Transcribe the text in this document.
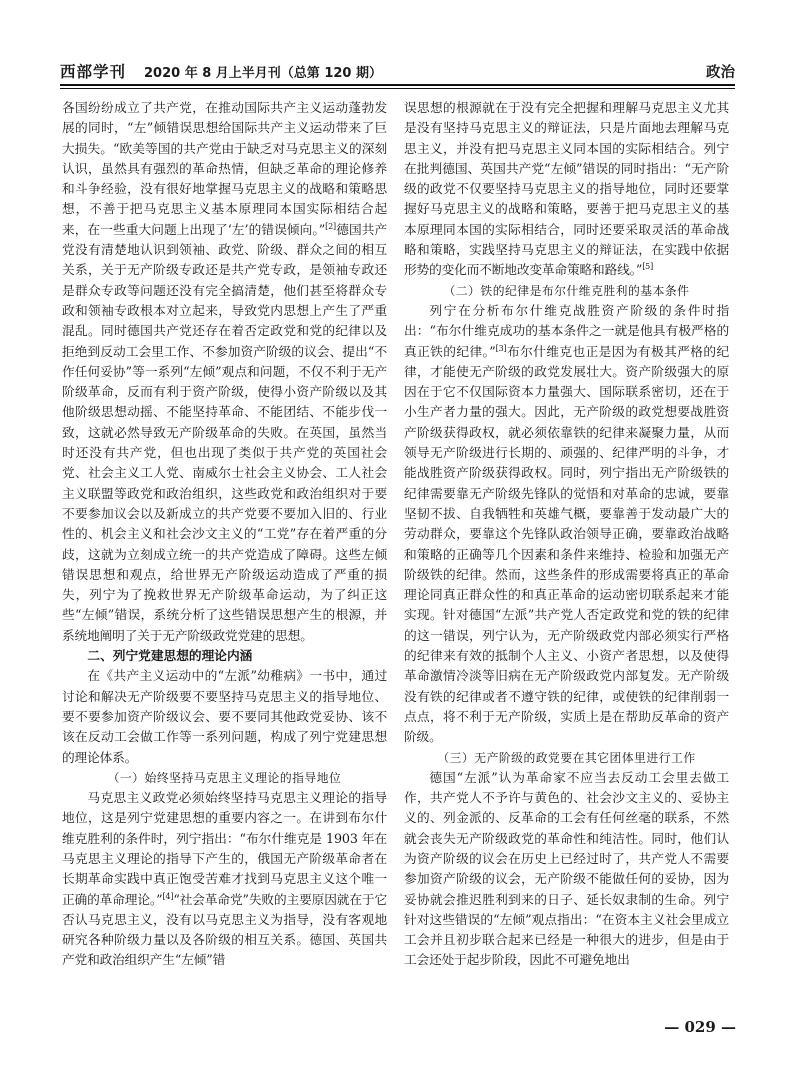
西部学刊 2020 年 8 月上半月刊（总第 120 期）	政治

各国纷纷成立了共产党，在推动国际共产主义运动蓬勃发展的同时，“左”倾错误思想给国际共产主义运动带来了巨大损失。“欧美等国的共产党由于缺乏对马克思主义的深刻认识，虽然具有强烈的革命热情，但缺乏革命的理论修养和斗争经验，没有很好地掌握马克思主义的战略和策略思想，不善于把马克思主义基本原理同本国实际相结合起来，在一些重大问题上出现了‘左’的错误倾向。”[2]德国共产党没有清楚地认识到领袖、政党、阶级、群众之间的相互关系，关于无产阶级专政还是共产党专政，是领袖专政还是群众专政等问题还没有完全搞清楚，他们甚至将群众专政和领袖专政根本对立起来，导致党内思想上产生了严重混乱。同时德国共产党还存在着否定政党和党的纪律以及拒绝到反动工会里工作、不参加资产阶级的议会、提出“不作任何妥协”等一系列“左倾”观点和问题，不仅不利于无产阶级革命，反而有利于资产阶级，使得小资产阶级以及其他阶级思想动摇、不能坚持革命、不能团结、不能步伐一致，这就必然导致无产阶级革命的失败。在英国，虽然当时还没有共产党，但也出现了类似于共产党的英国社会党、社会主义工人党、南威尔士社会主义协会、工人社会主义联盟等政党和政治组织，这些政党和政治组织对于要不要参加议会以及新成立的共产党要不要加入旧的、行业性的、机会主义和社会沙文主义的“工党”存在着严重的分歧，这就为立刻成立统一的共产党造成了障碍。这些左倾错误思想和观点，给世界无产阶级运动造成了严重的损失，列宁为了挽救世界无产阶级革命运动，为了纠正这些“左倾”错误，系统分析了这些错误思想产生的根源，并系统地阐明了关于无产阶级政党党建的思想。

二、列宁党建思想的理论内涵

在《共产主义运动中的“左派”幼稚病》一书中，通过讨论和解决无产阶级要不要坚持马克思主义的指导地位、要不要参加资产阶级议会、要不要同其他政党妥协、该不该在反动工会做工作等一系列问题，构成了列宁党建思想的理论体系。

（一）始终坚持马克思主义理论的指导地位

马克思主义政党必须始终坚持马克思主义理论的指导地位，这是列宁党建思想的重要内容之一。在讲到布尔什维克胜利的条件时，列宁指出：“布尔什维克是 1903 年在马克思主义理论的指导下产生的，俄国无产阶级革命者在长期革命实践中真正饱受苦难才找到马克思主义这个唯一正确的革命理论。”[4]“社会革命党”失败的主要原因就在于它否认马克思主义，没有以马克思主义为指导，没有客观地研究各种阶级力量以及各阶级的相互关系。德国、英国共产党和政治组织产生“左倾”错

误思想的根源就在于没有完全把握和理解马克思主义尤其是没有坚持马克思主义的辩证法，只是片面地去理解马克思主义，并没有把马克思主义同本国的实际相结合。列宁在批判德国、英国共产党“左倾”错误的同时指出：“无产阶级的政党不仅要坚持马克思主义的指导地位，同时还要掌握好马克思主义的战略和策略，要善于把马克思主义的基本原理同本国的实际相结合，同时还要采取灵活的革命战略和策略，实践坚持马克思主义的辩证法，在实践中依据形势的变化而不断地改变革命策略和路线。”[5]

（二）铁的纪律是布尔什维克胜利的基本条件

列宁在分析布尔什维克战胜资产阶级的条件时指出：“布尔什维克成功的基本条件之一就是他具有极严格的真正铁的纪律。”[3]布尔什维克也正是因为有极其严格的纪律，才能使无产阶级的政党发展壮大。资产阶级强大的原因在于它不仅国际资本力量强大、国际联系密切，还在于小生产者力量的强大。因此，无产阶级的政党想要战胜资产阶级获得政权，就必须依靠铁的纪律来凝聚力量，从而领导无产阶级进行长期的、顽强的、纪律严明的斗争，才能战胜资产阶级获得政权。同时，列宁指出无产阶级铁的纪律需要靠无产阶级先锋队的觉悟和对革命的忠诚，要靠坚韧不拔、自我牺牲和英雄气概，要靠善于发动最广大的劳动群众，要靠这个先锋队政治领导正确，要靠政治战略和策略的正确等几个因素和条件来维持、检验和加强无产阶级铁的纪律。然而，这些条件的形成需要将真正的革命理论同真正群众性的和真正革命的运动密切联系起来才能实现。针对德国“左派”共产党人否定政党和党的铁的纪律的这一错误，列宁认为，无产阶级政党内部必须实行严格的纪律来有效的抵制个人主义、小资产者思想，以及使得革命激情冷淡等旧病在无产阶级政党内部复发。无产阶级没有铁的纪律或者不遵守铁的纪律，或使铁的纪律削弱一点点，将不利于无产阶级，实质上是在帮助反革命的资产阶级。

（三）无产阶级的政党要在其它团体里进行工作

德国“左派”认为革命家不应当去反动工会里去做工作，共产党人不予许与黄色的、社会沙文主义的、妥协主义的、列金派的、反革命的工会有任何丝毫的联系，不然就会丧失无产阶级政党的革命性和纯洁性。同时，他们认为资产阶级的议会在历史上已经过时了，共产党人不需要参加资产阶级的议会，无产阶级不能做任何的妥协，因为妥协就会推迟胜利到来的日子、延长奴隶制的生命。列宁针对这些错误的“左倾”观点指出：“在资本主义社会里成立工会并且初步联合起来已经是一种很大的进步，但是由于工会还处于起步阶段，因此不可避免地出

— 029 —
